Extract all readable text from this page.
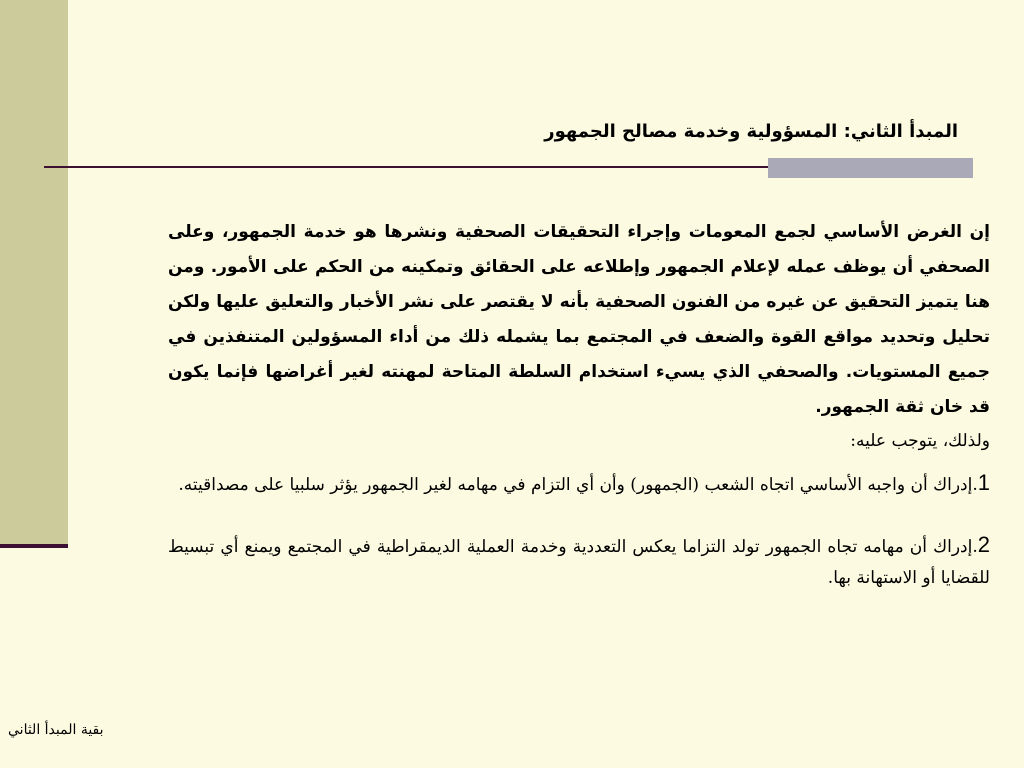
المبدأ الثاني: المسؤولية وخدمة مصالح الجمهور

إن الغرض الأساسي لجمع المعومات وإجراء التحقيقات الصحفية ونشرها هو خدمة الجمهور، وعلى الصحفي أن يوظف عمله لإعلام الجمهور وإطلاعه على الحقائق وتمكينه من الحكم على الأمور. ومن هنا يتميز التحقيق عن غيره من الفنون الصحفية بأنه لا يقتصر على نشر الأخبار والتعليق عليها ولكن تحليل وتحديد مواقع القوة والضعف في المجتمع بما يشمله ذلك من أداء المسؤولين المتنفذين في جميع المستويات. والصحفي الذي يسيء استخدام السلطة المتاحة لمهنته لغير أغراضها فإنما يكون قد خان ثقة الجمهور.

ولذلك، يتوجب عليه:

1.إدراك أن واجبه الأساسي اتجاه الشعب (الجمهور) وأن أي التزام في مهامه لغير الجمهور يؤثر سلبيا على مصداقيته.

2.إدراك أن مهامه تجاه الجمهور تولد التزاما يعكس التعددية وخدمة العملية الديمقراطية في المجتمع ويمنع أي تبسيط للقضايا أو الاستهانة بها.

بقية المبدأ الثاني
